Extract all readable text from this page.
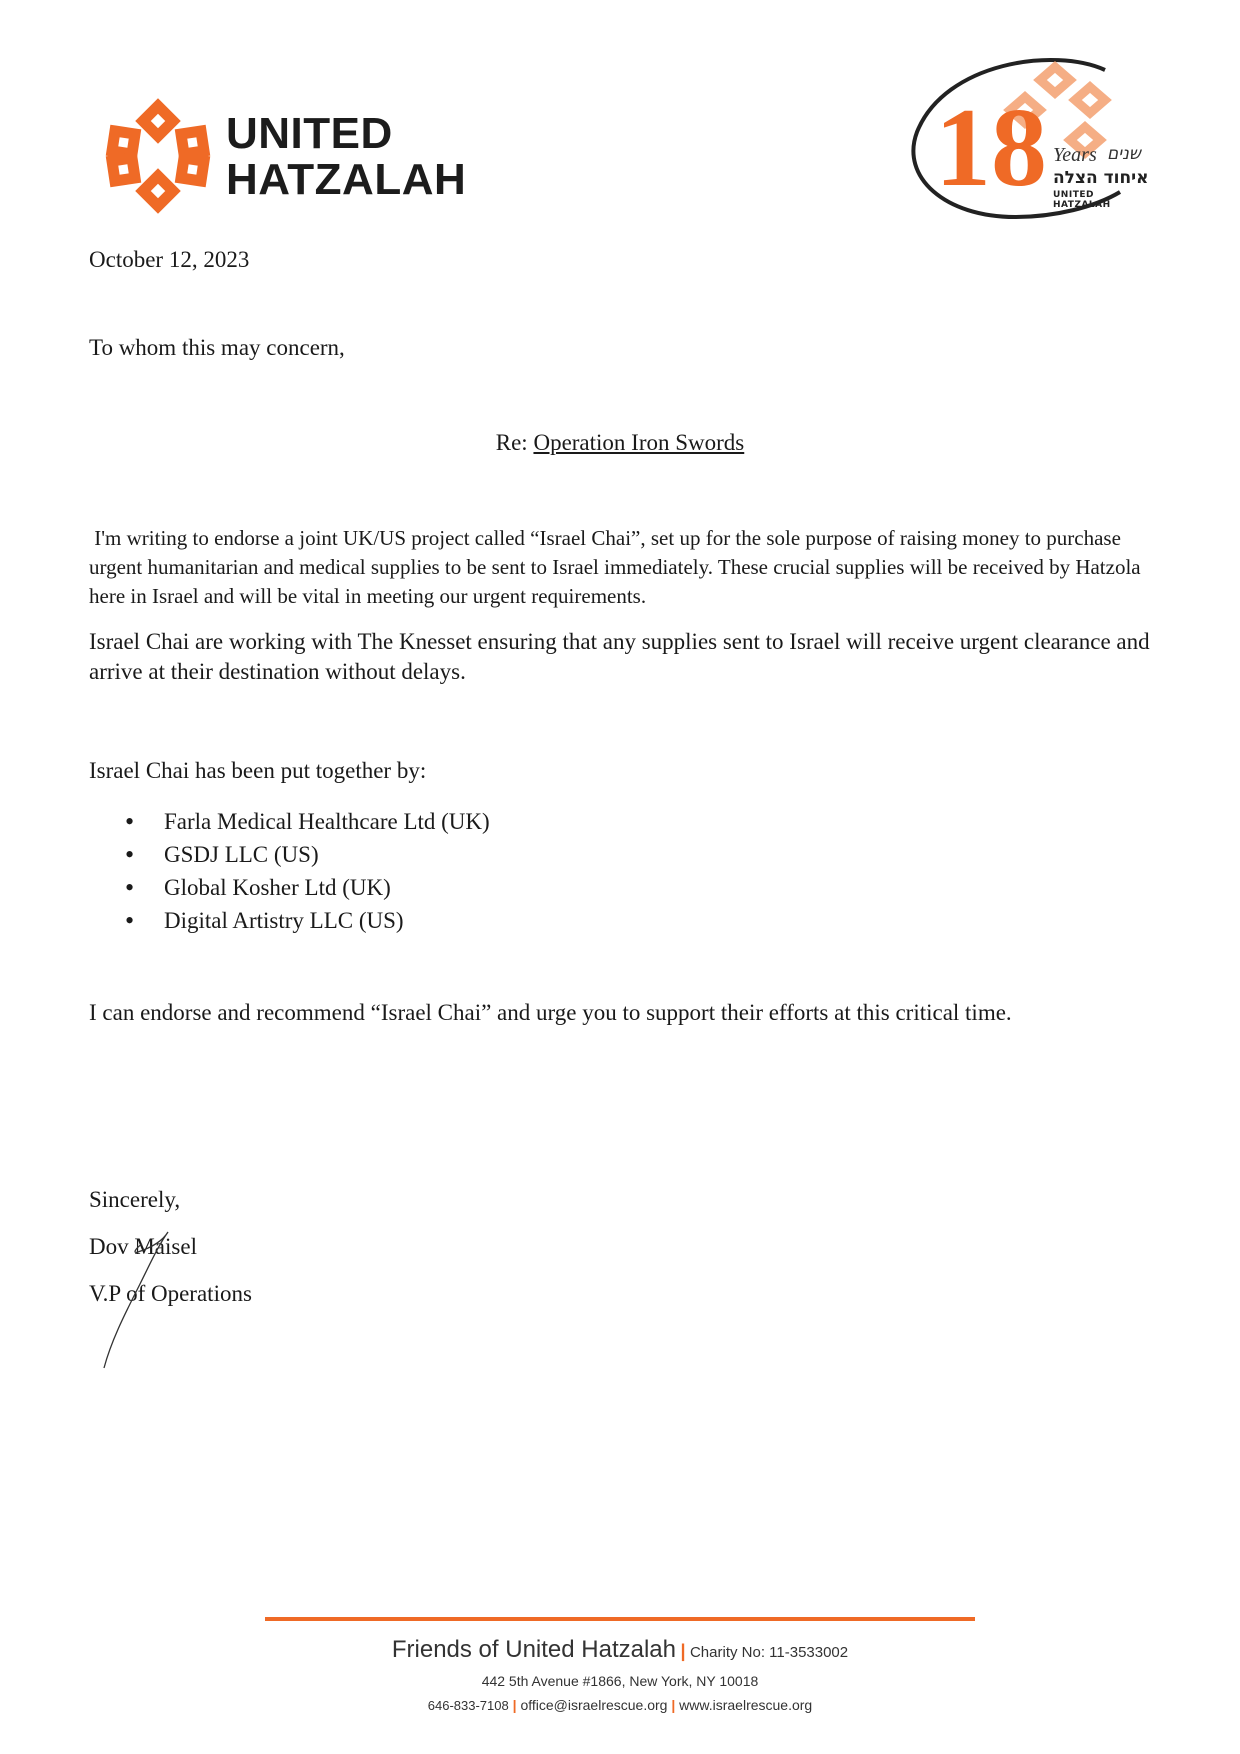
UNITED
HATZALAH	18 Years שנים
איחוד הצלה
UNITED HATZALAH
October 12, 2023
To whom this may concern,
Re: Operation Iron Swords
I'm writing to endorse a joint UK/US project called “Israel Chai”, set up for the sole purpose of raising money to purchase urgent humanitarian and medical supplies to be sent to Israel immediately. These crucial supplies will be received by Hatzola here in Israel and will be vital in meeting our urgent requirements.
Israel Chai are working with The Knesset ensuring that any supplies sent to Israel will receive urgent clearance and arrive at their destination without delays.
Israel Chai has been put together by:
• Farla Medical Healthcare Ltd (UK)
• GSDJ LLC (US)
• Global Kosher Ltd (UK)
• Digital Artistry LLC (US)
I can endorse and recommend “Israel Chai” and urge you to support their efforts at this critical time.
Sincerely,
Dov Maisel
V.P of Operations
Friends of United Hatzalah | Charity No: 11-3533002
442 5th Avenue #1866, New York, NY 10018
646-833-7108 | office@israelrescue.org | www.israelrescue.org
